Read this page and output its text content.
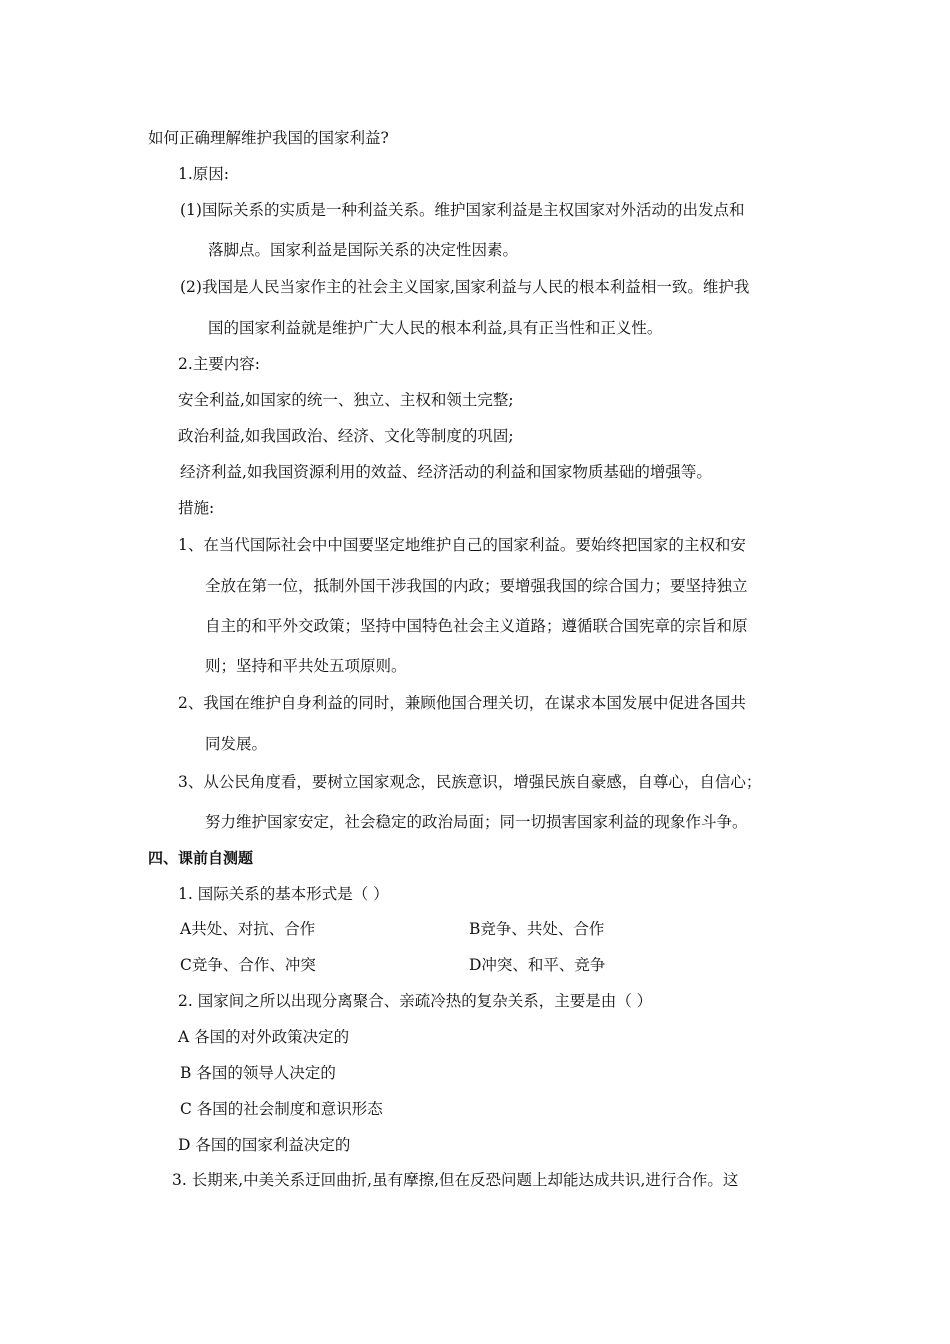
如何正确理解维护我国的国家利益?
1.原因:
(1)国际关系的实质是一种利益关系。维护国家利益是主权国家对外活动的出发点和
落脚点。国家利益是国际关系的决定性因素。
(2)我国是人民当家作主的社会主义国家,国家利益与人民的根本利益相一致。维护我
国的国家利益就是维护广大人民的根本利益,具有正当性和正义性。
2.主要内容:
安全利益,如国家的统一、独立、主权和领土完整;
政治利益,如我国政治、经济、文化等制度的巩固;
经济利益,如我国资源利用的效益、经济活动的利益和国家物质基础的增强等。
措施:
1、在当代国际社会中中国要坚定地维护自己的国家利益。要始终把国家的主权和安
全放在第一位，抵制外国干涉我国的内政；要增强我国的综合国力；要坚持独立
自主的和平外交政策；坚持中国特色社会主义道路；遵循联合国宪章的宗旨和原
则；坚持和平共处五项原则。
2、我国在维护自身利益的同时，兼顾他国合理关切，在谋求本国发展中促进各国共
同发展。
3、从公民角度看，要树立国家观念，民族意识，增强民族自豪感，自尊心，自信心；
努力维护国家安定，社会稳定的政治局面；同一切损害国家利益的现象作斗争。
四、课前自测题
1. 国际关系的基本形式是（ ）
A共处、对抗、合作	B竞争、共处、合作
C竞争、合作、冲突	D冲突、和平、竞争
2. 国家间之所以出现分离聚合、亲疏冷热的复杂关系，主要是由（ ）
A 各国的对外政策决定的
B 各国的领导人决定的
C 各国的社会制度和意识形态
D 各国的国家利益决定的
3. 长期来,中美关系迂回曲折,虽有摩擦,但在反恐问题上却能达成共识,进行合作。这
